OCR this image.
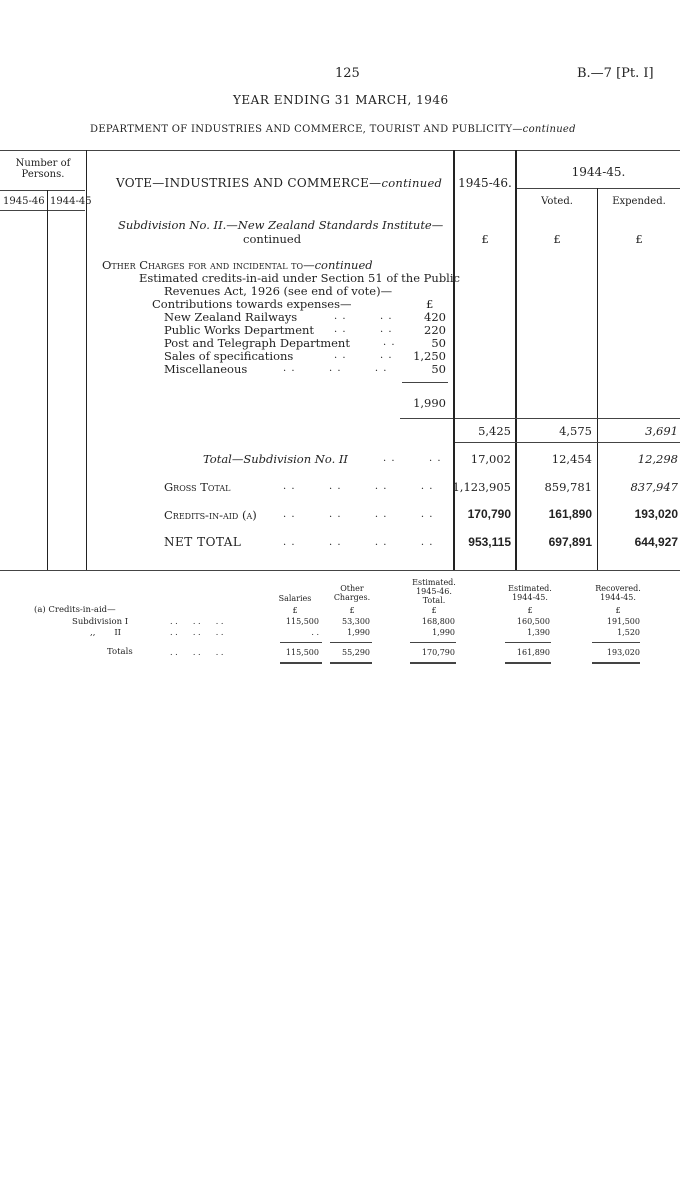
125	B.—7 [Pt. I]
YEAR ENDING 31 MARCH, 1946
DEPARTMENT OF INDUSTRIES AND COMMERCE, TOURIST AND PUBLICITY—continued
Number of Persons.
1945-46 1944-45
VOTE—INDUSTRIES AND COMMERCE—continued 1945-46.
1944-45.
Voted.	Expended.
Subdivision No. II.—New Zealand Standards Institute—
continued	£	£	£
Other Charges for and incidental to—continued
Estimated credits-in-aid under Section 51 of the Public
Revenues Act, 1926 (see end of vote)—
Contributions towards expenses—	£
New Zealand Railways	. .        . .	420
Public Works Department . .        . .	220
Post and Telegraph Department	. .	50
Sales of specifications	. .        . .	1,250
Miscellaneous	. .        . .        . .	50
1,990
5,425	4,575	3,691
Total—Subdivision No. II	. .        . .	17,002	12,454	12,298
Gross Total	. .        . .        . .        . .	1,123,905	859,781	837,947
Credits-in-aid (a)	. .        . .        . .        . .	170,790	161,890	193,020
NET TOTAL	. .        . .        . .        . .	953,115	697,891	644,927
Salaries
Other Charges.
Estimated. 1945-46. Total.
Estimated. 1944-45.
Recovered. 1944-45.
£	£	£	£	£
(a) Credits-in-aid—
Subdivision I	. .      . .      . .	115,500	53,300	168,800	160,500	191,500
,,       II	. .      . .      . .	. .	1,990	1,990	1,390	1,520
Totals	. .      . .      . .	115,500	55,290	170,790	161,890	193,020
